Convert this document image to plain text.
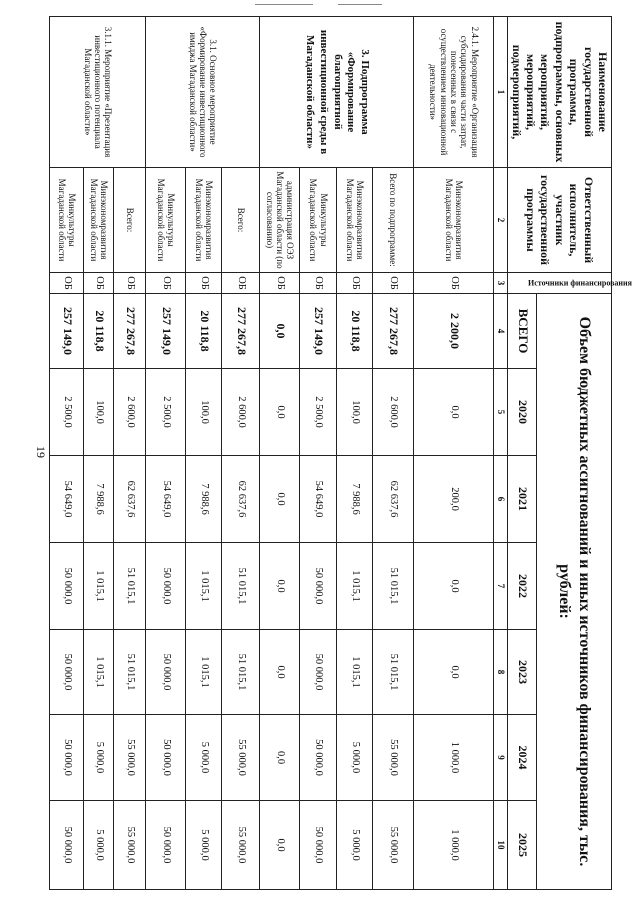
19
Наименование государственной программы, подпрограммы, основных мероприятий, мероприятий, подмероприятий,	Ответственный исполнитель, участник государственной программы	Источники финансирования	Объем бюджетных ассигнований и иных источников финансирования, тыс. рублей:						
			ВСЕГО	2020	2021	2022	2023	2024	2025
1	2	3	4	5	6	7	8	9	10
2.4.1. Мероприятие «Организация субсидирования части затрат, понесенных в связи с осуществлением инновационной деятельности»	Минэкономразвития Магаданской области	ОБ	2 200,0	0,0	200,0	0,0	0,0	1 000,0	1 000,0
3. Подпрограмма «Формирование благоприятной инвестиционной среды в Магаданской области»	Всего по подпрограмме:	ОБ	277 267,8	2 600,0	62 637,6	51 015,1	51 015,1	55 000,0	55 000,0
	Минэкономразвития Магаданской области	ОБ	20 118,8	100,0	7 988,6	1 015,1	1 015,1	5 000,0	5 000,0
	Минкультуры Магаданской области	ОБ	257 149,0	2 500,0	54 649,0	50 000,0	50 000,0	50 000,0	50 000,0
	администрация ОЭЗ Магаданской области (по согласованию)	ОБ	0,0	0,0	0,0	0,0	0,0	0,0	0,0
3.1. Основное мероприятие «Формирование инвестиционного имиджа Магаданской области»	Всего:	ОБ	277 267,8	2 600,0	62 637,6	51 015,1	51 015,1	55 000,0	55 000,0
	Минэкономразвития Магаданской области	ОБ	20 118,8	100,0	7 988,6	1 015,1	1 015,1	5 000,0	5 000,0
	Минкультуры Магаданской области	ОБ	257 149,0	2 500,0	54 649,0	50 000,0	50 000,0	50 000,0	50 000,0
3.1.1. Мероприятие «Презентация инвестиционного потенциала Магаданской области»	Всего:	ОБ	277 267,8	2 600,0	62 637,6	51 015,1	51 015,1	55 000,0	55 000,0
	Минэкономразвития Магаданской области	ОБ	20 118,8	100,0	7 988,6	1 015,1	1 015,1	5 000,0	5 000,0
	Минкультуры Магаданской области	ОБ	257 149,0	2 500,0	54 649,0	50 000,0	50 000,0	50 000,0	50 000,0
